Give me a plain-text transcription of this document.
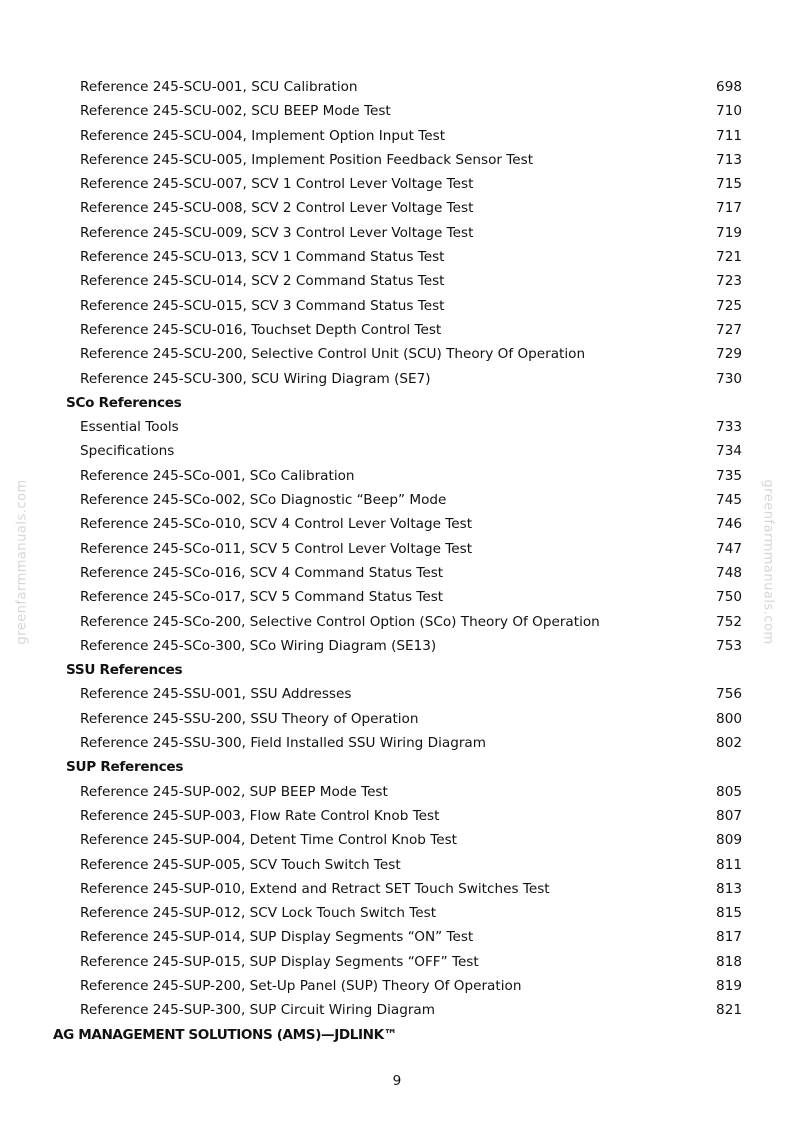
Reference 245-SCU-001, SCU Calibration	698
Reference 245-SCU-002, SCU BEEP Mode Test	710
Reference 245-SCU-004, Implement Option Input Test	711
Reference 245-SCU-005, Implement Position Feedback Sensor Test	713
Reference 245-SCU-007, SCV 1 Control Lever Voltage Test	715
Reference 245-SCU-008, SCV 2 Control Lever Voltage Test	717
Reference 245-SCU-009, SCV 3 Control Lever Voltage Test	719
Reference 245-SCU-013, SCV 1 Command Status Test	721
Reference 245-SCU-014, SCV 2 Command Status Test	723
Reference 245-SCU-015, SCV 3 Command Status Test	725
Reference 245-SCU-016, Touchset Depth Control Test	727
Reference 245-SCU-200, Selective Control Unit (SCU) Theory Of Operation	729
Reference 245-SCU-300, SCU Wiring Diagram (SE7)	730
SCo References
Essential Tools	733
Specifications	734
Reference 245-SCo-001, SCo Calibration	735
Reference 245-SCo-002, SCo Diagnostic “Beep” Mode	745
Reference 245-SCo-010, SCV 4 Control Lever Voltage Test	746
Reference 245-SCo-011, SCV 5 Control Lever Voltage Test	747
Reference 245-SCo-016, SCV 4 Command Status Test	748
Reference 245-SCo-017, SCV 5 Command Status Test	750
Reference 245-SCo-200, Selective Control Option (SCo) Theory Of Operation	752
Reference 245-SCo-300, SCo Wiring Diagram (SE13)	753
SSU References
Reference 245-SSU-001, SSU Addresses	756
Reference 245-SSU-200, SSU Theory of Operation	800
Reference 245-SSU-300, Field Installed SSU Wiring Diagram	802
SUP References
Reference 245-SUP-002, SUP BEEP Mode Test	805
Reference 245-SUP-003, Flow Rate Control Knob Test	807
Reference 245-SUP-004, Detent Time Control Knob Test	809
Reference 245-SUP-005, SCV Touch Switch Test	811
Reference 245-SUP-010, Extend and Retract SET Touch Switches Test	813
Reference 245-SUP-012, SCV Lock Touch Switch Test	815
Reference 245-SUP-014, SUP Display Segments “ON” Test	817
Reference 245-SUP-015, SUP Display Segments “OFF” Test	818
Reference 245-SUP-200, Set-Up Panel (SUP) Theory Of Operation	819
Reference 245-SUP-300, SUP Circuit Wiring Diagram	821
AG MANAGEMENT SOLUTIONS (AMS)—JDLINK™
greenfarmmanuals.com	greenfarmmanuals.com
9
